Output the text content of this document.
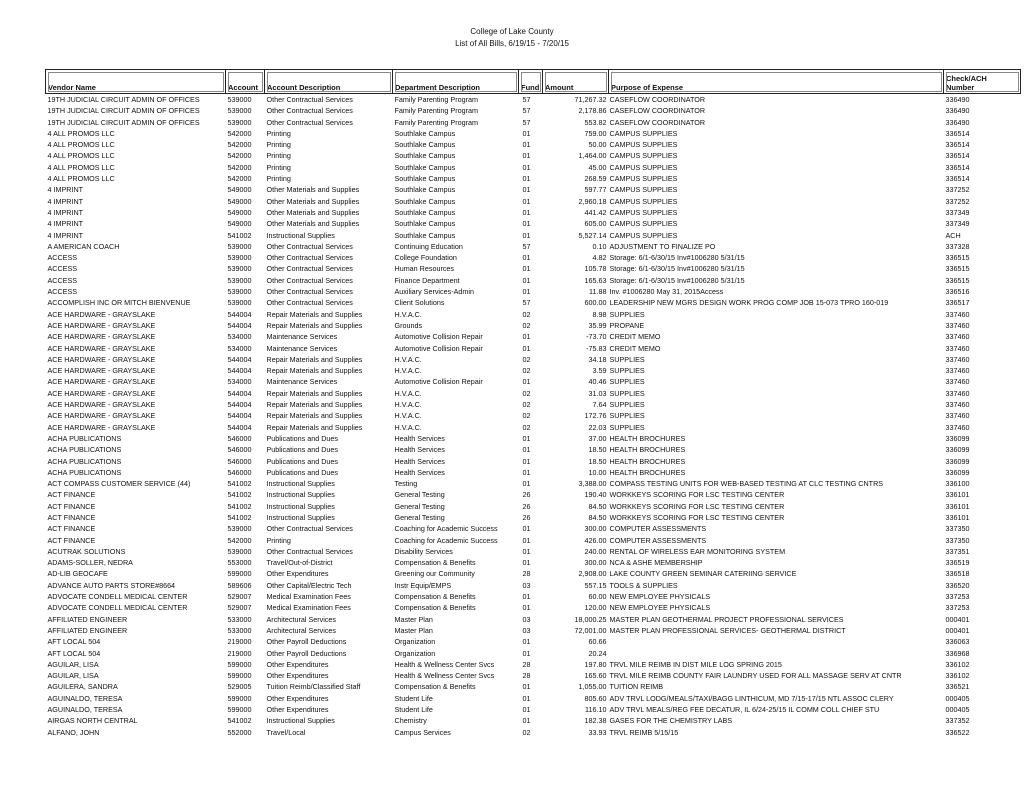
College of Lake County
List of All Bills, 6/19/15 - 7/20/15
Vendor Name	Account	Account Description	Department Description	Fund	Amount	Purpose of Expense	Check/ACH
Number
19TH JUDICIAL CIRCUIT ADMIN OF OFFICES	539000	Other Contractual Services	Family Parenting Program	57	71,267.32	CASEFLOW COORDINATOR	336490
19TH JUDICIAL CIRCUIT ADMIN OF OFFICES	539000	Other Contractual Services	Family Parenting Program	57	2,178.86	CASEFLOW COORDINATOR	336490
19TH JUDICIAL CIRCUIT ADMIN OF OFFICES	539000	Other Contractual Services	Family Parenting Program	57	553.82	CASEFLOW COORDINATOR	336490
4 ALL PROMOS LLC	542000	Printing	Southlake Campus	01	759.00	CAMPUS SUPPLIES	336514
4 ALL PROMOS LLC	542000	Printing	Southlake Campus	01	50.00	CAMPUS SUPPLIES	336514
4 ALL PROMOS LLC	542000	Printing	Southlake Campus	01	1,464.00	CAMPUS SUPPLIES	336514
4 ALL PROMOS LLC	542000	Printing	Southlake Campus	01	45.00	CAMPUS SUPPLIES	336514
4 ALL PROMOS LLC	542000	Printing	Southlake Campus	01	268.59	CAMPUS SUPPLIES	336514
4 IMPRINT	549000	Other Materials and Supplies	Southlake Campus	01	597.77	CAMPUS SUPPLIES	337252
4 IMPRINT	549000	Other Materials and Supplies	Southlake Campus	01	2,960.18	CAMPUS SUPPLIES	337252
4 IMPRINT	549000	Other Materials and Supplies	Southlake Campus	01	441.42	CAMPUS SUPPLIES	337349
4 IMPRINT	549000	Other Materials and Supplies	Southlake Campus	01	605.00	CAMPUS SUPPLIES	337349
4 IMPRINT	541002	Instructional Supplies	Southlake Campus	01	5,527.14	CAMPUS SUPPLIES	ACH
A AMERICAN COACH	539000	Other Contractual Services	Continuing Education	57	0.10	ADJUSTMENT TO FINALIZE PO	337328
ACCESS	539000	Other Contractual Services	College Foundation	01	4.82	Storage: 6/1-6/30/15 Inv#1006280 5/31/15	336515
ACCESS	539000	Other Contractual Services	Human Resources	01	105.78	Storage: 6/1-6/30/15 Inv#1006280 5/31/15	336515
ACCESS	539000	Other Contractual Services	Finance Department	01	165.63	Storage: 6/1-6/30/15 Inv#1006280 5/31/15	336515
ACCESS	539000	Other Contractual Services	Auxiliary Services-Admin	01	11.88	Inv. #1006280 May 31, 2015Access	336516
ACCOMPLISH INC OR MITCH BIENVENUE	539000	Other Contractual Services	Client Solutions	57	600.00	LEADERSHIP NEW MGRS DESIGN WORK PROG COMP JOB 15-073 TPRO 160-019	336517
ACE HARDWARE - GRAYSLAKE	544004	Repair Materials and Supplies	H.V.A.C.	02	8.98	SUPPLIES	337460
ACE HARDWARE - GRAYSLAKE	544004	Repair Materials and Supplies	Grounds	02	35.99	PROPANE	337460
ACE HARDWARE - GRAYSLAKE	534000	Maintenance Services	Automotive Collision Repair	01	-73.70	CREDIT MEMO	337460
ACE HARDWARE - GRAYSLAKE	534000	Maintenance Services	Automotive Collision Repair	01	-75.83	CREDIT MEMO	337460
ACE HARDWARE - GRAYSLAKE	544004	Repair Materials and Supplies	H.V.A.C.	02	34.18	SUPPLIES	337460
ACE HARDWARE - GRAYSLAKE	544004	Repair Materials and Supplies	H.V.A.C.	02	3.59	SUPPLIES	337460
ACE HARDWARE - GRAYSLAKE	534000	Maintenance Services	Automotive Collision Repair	01	40.46	SUPPLIES	337460
ACE HARDWARE - GRAYSLAKE	544004	Repair Materials and Supplies	H.V.A.C.	02	31.03	SUPPLIES	337460
ACE HARDWARE - GRAYSLAKE	544004	Repair Materials and Supplies	H.V.A.C.	02	7.64	SUPPLIES	337460
ACE HARDWARE - GRAYSLAKE	544004	Repair Materials and Supplies	H.V.A.C.	02	172.76	SUPPLIES	337460
ACE HARDWARE - GRAYSLAKE	544004	Repair Materials and Supplies	H.V.A.C.	02	22.03	SUPPLIES	337460
ACHA PUBLICATIONS	546000	Publications and Dues	Health Services	01	37.00	HEALTH BROCHURES	336099
ACHA PUBLICATIONS	546000	Publications and Dues	Health Services	01	18.50	HEALTH BROCHURES	336099
ACHA PUBLICATIONS	546000	Publications and Dues	Health Services	01	18.50	HEALTH BROCHURES	336099
ACHA PUBLICATIONS	546000	Publications and Dues	Health Services	01	10.00	HEALTH BROCHURES	336099
ACT COMPASS CUSTOMER SERVICE (44)	541002	Instructional Supplies	Testing	01	3,388.00	COMPASS TESTING UNITS FOR WEB-BASED TESTING AT CLC TESTING CNTRS	336100
ACT FINANCE	541002	Instructional Supplies	General Testing	26	190.40	WORKKEYS SCORING FOR LSC TESTING CENTER	336101
ACT FINANCE	541002	Instructional Supplies	General Testing	26	84.50	WORKKEYS SCORING FOR LSC TESTING CENTER	336101
ACT FINANCE	541002	Instructional Supplies	General Testing	26	84.50	WORKKEYS SCORING FOR LSC TESTING CENTER	336101
ACT FINANCE	539000	Other Contractual Services	Coaching for Academic Success	01	300.00	COMPUTER ASSESSMENTS	337350
ACT FINANCE	542000	Printing	Coaching for Academic Success	01	426.00	COMPUTER ASSESSMENTS	337350
ACUTRAK SOLUTIONS	539000	Other Contractual Services	Disability Services	01	240.00	RENTAL OF WIRELESS EAR MONITORING SYSTEM	337351
ADAMS-SOLLER, NEDRA	553000	Travel/Out-of-District	Compensation & Benefits	01	300.00	NCA & ASHE MEMBERSHIP	336519
AD-LIB GEOCAFE	599000	Other Expenditures	Greening our Community	28	2,908.00	LAKE COUNTY GREEN SEMINAR CATERIING SERVICE	336518
ADVANCE AUTO PARTS STORE#8664	589606	Other Capital/Electric Tech	Instr Equip/EMPS	03	557.15	TOOLS & SUPPLIES	336520
ADVOCATE CONDELL MEDICAL CENTER	529007	Medical Examination Fees	Compensation & Benefits	01	60.00	NEW EMPLOYEE PHYSICALS	337253
ADVOCATE CONDELL MEDICAL CENTER	529007	Medical Examination Fees	Compensation & Benefits	01	120.00	NEW EMPLOYEE PHYSICALS	337253
AFFILIATED ENGINEER	533000	Architectural Services	Master Plan	03	18,000.25	MASTER PLAN GEOTHERMAL PROJECT PROFESSIONAL SERVICES	000401
AFFILIATED ENGINEER	533000	Architectural Services	Master Plan	03	72,001.00	MASTER PLAN PROFESSIONAL SERVICES- GEOTHERMAL DISTRICT	000401
AFT LOCAL 504	219000	Other Payroll Deductions	Organization	01	60.66		336063
AFT LOCAL 504	219000	Other Payroll Deductions	Organization	01	20.24		336968
AGUILAR, LISA	599000	Other Expenditures	Health & Wellness Center Svcs	28	197.80	TRVL MILE REIMB IN DIST MILE LOG SPRING 2015	336102
AGUILAR, LISA	599000	Other Expenditures	Health & Wellness Center Svcs	28	165.60	TRVL MILE REIMB COUNTY FAIR LAUNDRY USED FOR ALL MASSAGE SERV AT CNTR	336102
AGUILERA, SANDRA	529005	Tuition Reimb/Classified Staff	Compensation & Benefits	01	1,055.00	TUITION REIMB	336521
AGUINALDO, TERESA	599000	Other Expenditures	Student Life	01	805.60	ADV TRVL LODG/MEALS/TAXI/BAGG LINTHICUM, MD 7/15-17/15 NTL ASSOC CLERY	000405
AGUINALDO, TERESA	599000	Other Expenditures	Student Life	01	116.10	ADV TRVL MEALS/REG FEE DECATUR, IL 6/24-25/15 IL COMM COLL CHIEF STU	000405
AIRGAS NORTH CENTRAL	541002	Instructional Supplies	Chemistry	01	182.38	GASES FOR THE CHEMISTRY LABS	337352
ALFANO, JOHN	552000	Travel/Local	Campus Services	02	33.93	TRVL REIMB 5/15/15	336522
